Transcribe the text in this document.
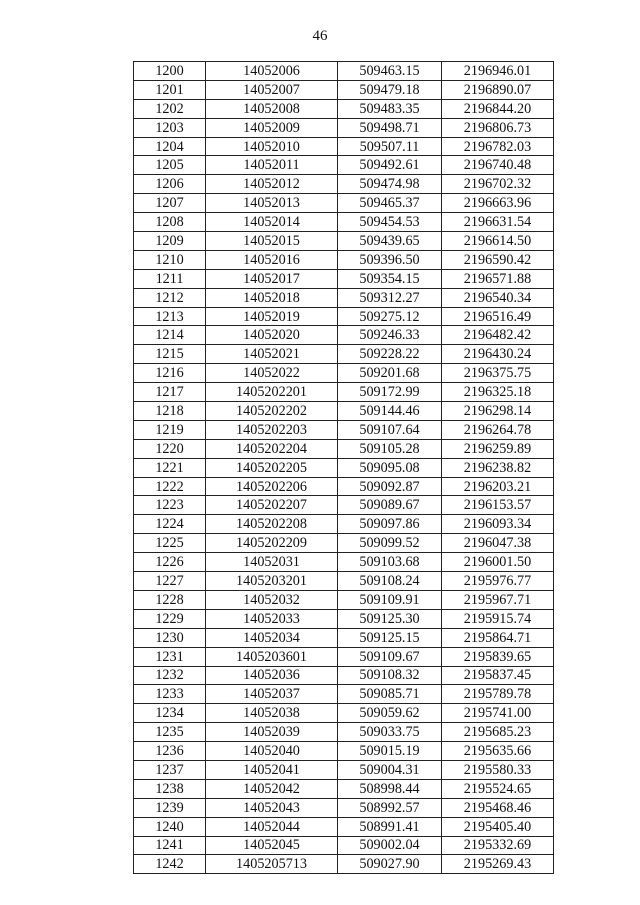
46
1200	14052006	509463.15	2196946.01
1201	14052007	509479.18	2196890.07
1202	14052008	509483.35	2196844.20
1203	14052009	509498.71	2196806.73
1204	14052010	509507.11	2196782.03
1205	14052011	509492.61	2196740.48
1206	14052012	509474.98	2196702.32
1207	14052013	509465.37	2196663.96
1208	14052014	509454.53	2196631.54
1209	14052015	509439.65	2196614.50
1210	14052016	509396.50	2196590.42
1211	14052017	509354.15	2196571.88
1212	14052018	509312.27	2196540.34
1213	14052019	509275.12	2196516.49
1214	14052020	509246.33	2196482.42
1215	14052021	509228.22	2196430.24
1216	14052022	509201.68	2196375.75
1217	1405202201	509172.99	2196325.18
1218	1405202202	509144.46	2196298.14
1219	1405202203	509107.64	2196264.78
1220	1405202204	509105.28	2196259.89
1221	1405202205	509095.08	2196238.82
1222	1405202206	509092.87	2196203.21
1223	1405202207	509089.67	2196153.57
1224	1405202208	509097.86	2196093.34
1225	1405202209	509099.52	2196047.38
1226	14052031	509103.68	2196001.50
1227	1405203201	509108.24	2195976.77
1228	14052032	509109.91	2195967.71
1229	14052033	509125.30	2195915.74
1230	14052034	509125.15	2195864.71
1231	1405203601	509109.67	2195839.65
1232	14052036	509108.32	2195837.45
1233	14052037	509085.71	2195789.78
1234	14052038	509059.62	2195741.00
1235	14052039	509033.75	2195685.23
1236	14052040	509015.19	2195635.66
1237	14052041	509004.31	2195580.33
1238	14052042	508998.44	2195524.65
1239	14052043	508992.57	2195468.46
1240	14052044	508991.41	2195405.40
1241	14052045	509002.04	2195332.69
1242	1405205713	509027.90	2195269.43
